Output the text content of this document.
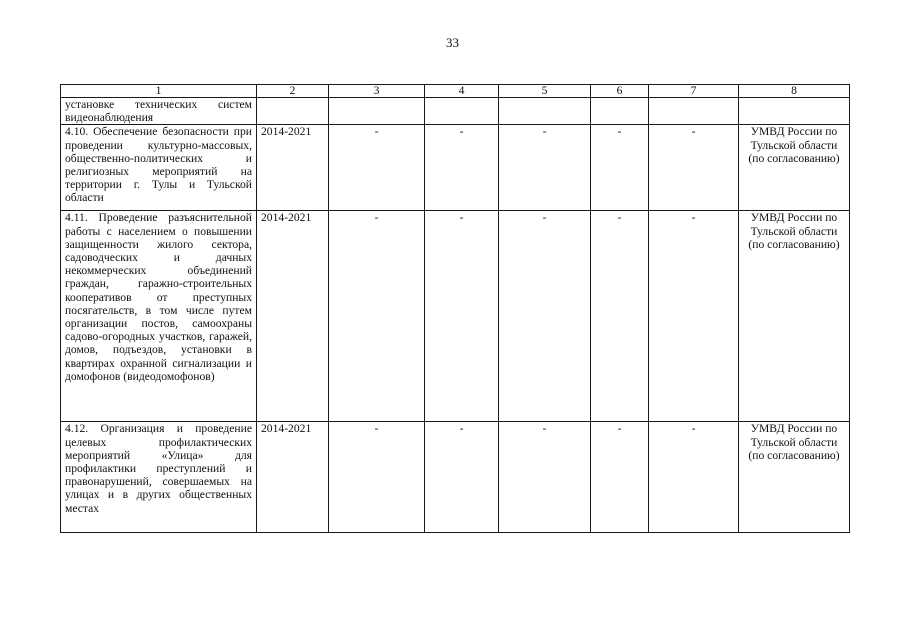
33
1	2	3	4	5	6	7	8
установке технических систем видеонаблюдения							
4.10. Обеспечение безопасности при проведении культурно-массовых, общественно-политических и религиозных мероприятий на территории г. Тулы и Тульской области	2014-2021	-	-	-	-	-	УМВД России по Тульской области (по согласованию)
4.11. Проведение разъяснительной работы с населением о повышении защищенности жилого сектора, садоводческих и дачных некоммерческих объединений граждан, гаражно-строительных кооперативов от преступных посягательств, в том числе путем организации постов, самоохраны садово-огородных участков, гаражей, домов, подъездов, установки в квартирах охранной сигнализации и домофонов (видеодомофонов)	2014-2021	-	-	-	-	-	УМВД России по Тульской области (по согласованию)
4.12. Организация и проведение целевых профилактических мероприятий «Улица» для профилактики преступлений и правонарушений, совершаемых на улицах и в других общественных местах	2014-2021	-	-	-	-	-	УМВД России по Тульской области (по согласованию)
